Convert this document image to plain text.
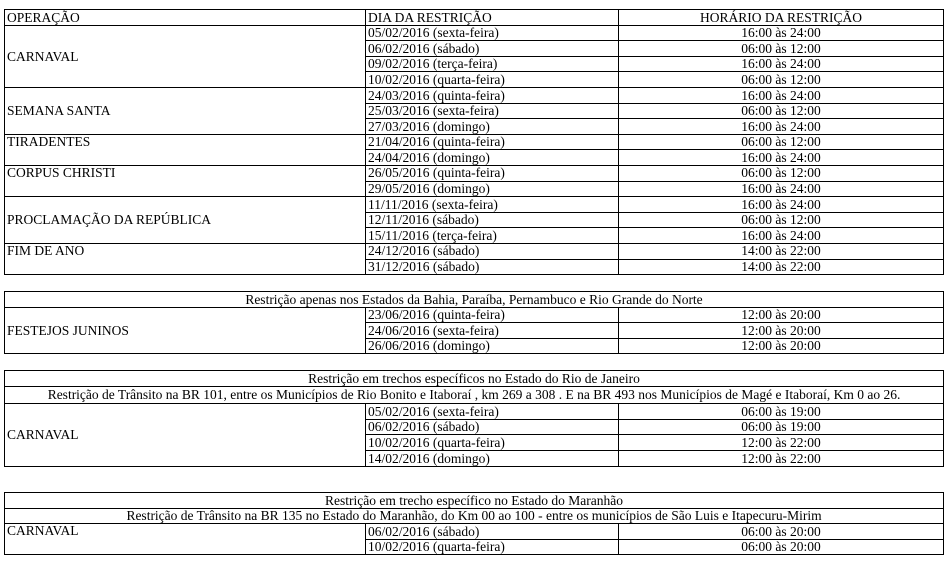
OPERAÇÃO	DIA DA RESTRIÇÃO	HORÁRIO DA RESTRIÇÃO
CARNAVAL	05/02/2016 (sexta-feira)	16:00 às 24:00
	06/02/2016 (sábado)	06:00 às 12:00
	09/02/2016 (terça-feira)	16:00 às 24:00
	10/02/2016 (quarta-feira)	06:00 às 12:00
SEMANA SANTA	24/03/2016 (quinta-feira)	16:00 às 24:00
	25/03/2016 (sexta-feira)	06:00 às 12:00
	27/03/2016 (domingo)	16:00 às 24:00
TIRADENTES	21/04/2016 (quinta-feira)	06:00 às 12:00
	24/04/2016 (domingo)	16:00 às 24:00
CORPUS CHRISTI	26/05/2016 (quinta-feira)	06:00 às 12:00
	29/05/2016 (domingo)	16:00 às 24:00
PROCLAMAÇÃO DA REPÚBLICA	11/11/2016 (sexta-feira)	16:00 às 24:00
	12/11/2016 (sábado)	06:00 às 12:00
	15/11/2016 (terça-feira)	16:00 às 24:00
FIM DE ANO	24/12/2016 (sábado)	14:00 às 22:00
	31/12/2016 (sábado)	14:00 às 22:00
Restrição apenas nos Estados da Bahia, Paraíba, Pernambuco e Rio Grande do Norte		
FESTEJOS JUNINOS	23/06/2016 (quinta-feira)	12:00 às 20:00
	24/06/2016 (sexta-feira)	12:00 às 20:00
	26/06/2016 (domingo)	12:00 às 20:00
Restrição em trechos específicos no Estado do Rio de Janeiro		
Restrição de Trânsito na BR 101, entre os Municípios de Rio Bonito e Itaboraí , km 269 a 308 . E na BR 493 nos Municípios de Magé e Itaboraí, Km 0 ao 26.		
CARNAVAL	05/02/2016 (sexta-feira)	06:00 às 19:00
	06/02/2016 (sábado)	06:00 às 19:00
	10/02/2016 (quarta-feira)	12:00 às 22:00
	14/02/2016 (domingo)	12:00 às 22:00
Restrição em trecho específico no Estado do Maranhão		
Restrição de Trânsito na BR 135 no Estado do Maranhão, do Km 00 ao 100 - entre os municípios de São Luis e Itapecuru-Mirim		
CARNAVAL	06/02/2016 (sábado)	06:00 às 20:00
	10/02/2016 (quarta-feira)	06:00 às 20:00
